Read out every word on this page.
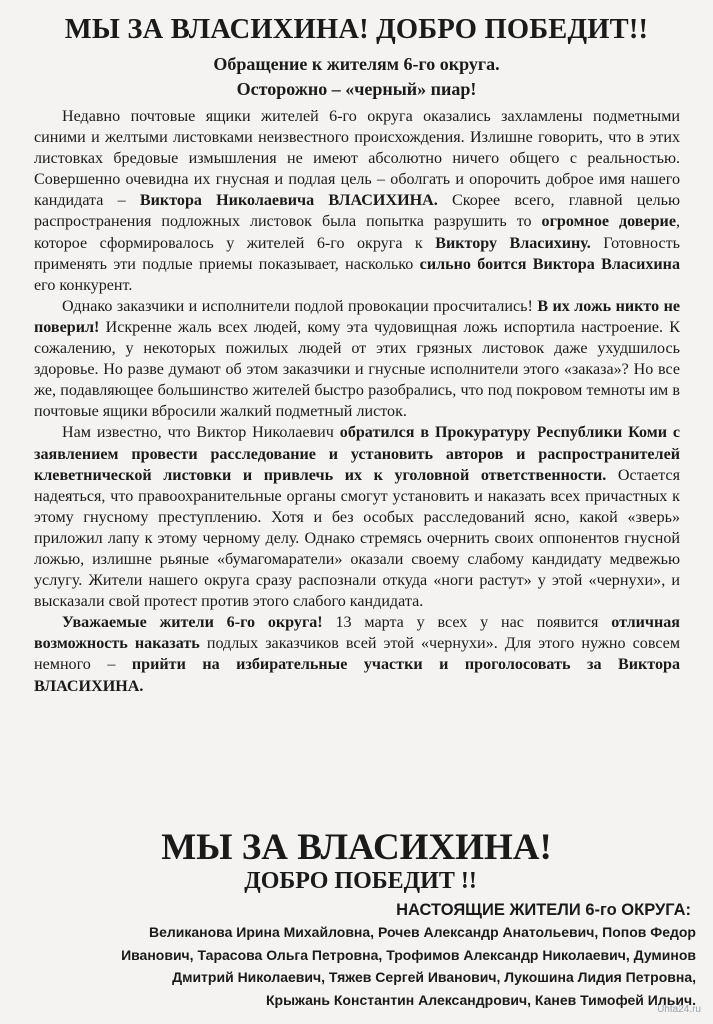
МЫ ЗА ВЛАСИХИНА! ДОБРО ПОБЕДИТ!!
Обращение к жителям 6-го округа.
Осторожно – «черный» пиар!

Недавно почтовые ящики жителей 6-го округа оказались захламлены подметными синими и желтыми листовками неизвестного происхождения. Излишне говорить, что в этих листовках бредовые измышления не имеют абсолютно ничего общего с реальностью. Совершенно очевидна их гнусная и подлая цель – оболгать и опорочить доброе имя нашего кандидата – Виктора Николаевича ВЛАСИХИНА. Скорее всего, главной целью распространения подложных листовок была попытка разрушить то огромное доверие, которое сформировалось у жителей 6-го округа к Виктору Власихину. Готовность применять эти подлые приемы показывает, насколько сильно боится Виктора Власихина его конкурент.

Однако заказчики и исполнители подлой провокации просчитались! В их ложь никто не поверил! Искренне жаль всех людей, кому эта чудовищная ложь испортила настроение. К сожалению, у некоторых пожилых людей от этих грязных листовок даже ухудшилось здоровье. Но разве думают об этом заказчики и гнусные исполнители этого «заказа»? Но все же, подавляющее большинство жителей быстро разобрались, что под покровом темноты им в почтовые ящики вбросили жалкий подметный листок.

Нам известно, что Виктор Николаевич обратился в Прокуратуру Республики Коми с заявлением провести расследование и установить авторов и распространителей клеветнической листовки и привлечь их к уголовной ответственности. Остается надеяться, что правоохранительные органы смогут установить и наказать всех причастных к этому гнусному преступлению. Хотя и без особых расследований ясно, какой «зверь» приложил лапу к этому черному делу. Однако стремясь очернить своих оппонентов гнусной ложью, излишне рьяные «бумагомаратели» оказали своему слабому кандидату медвежью услугу. Жители нашего округа сразу распознали откуда «ноги растут» у этой «чернухи», и высказали свой протест против этого слабого кандидата.

Уважаемые жители 6-го округа! 13 марта у всех у нас появится отличная возможность наказать подлых заказчиков всей этой «чернухи». Для этого нужно совсем немного – прийти на избирательные участки и проголосовать за Виктора ВЛАСИХИНА.

МЫ ЗА ВЛАСИХИНА!
ДОБРО ПОБЕДИТ !!
НАСТОЯЩИЕ ЖИТЕЛИ 6-го ОКРУГА:
Великанова Ирина Михайловна, Рочев Александр Анатольевич, Попов Федор
Иванович, Тарасова Ольга Петровна, Трофимов Александр Николаевич, Думинов
Дмитрий Николаевич, Тяжев Сергей Иванович, Лукошина Лидия Петровна,
Крыжань Константин Александрович, Канев Тимофей Ильич.
Uhta24.ru
